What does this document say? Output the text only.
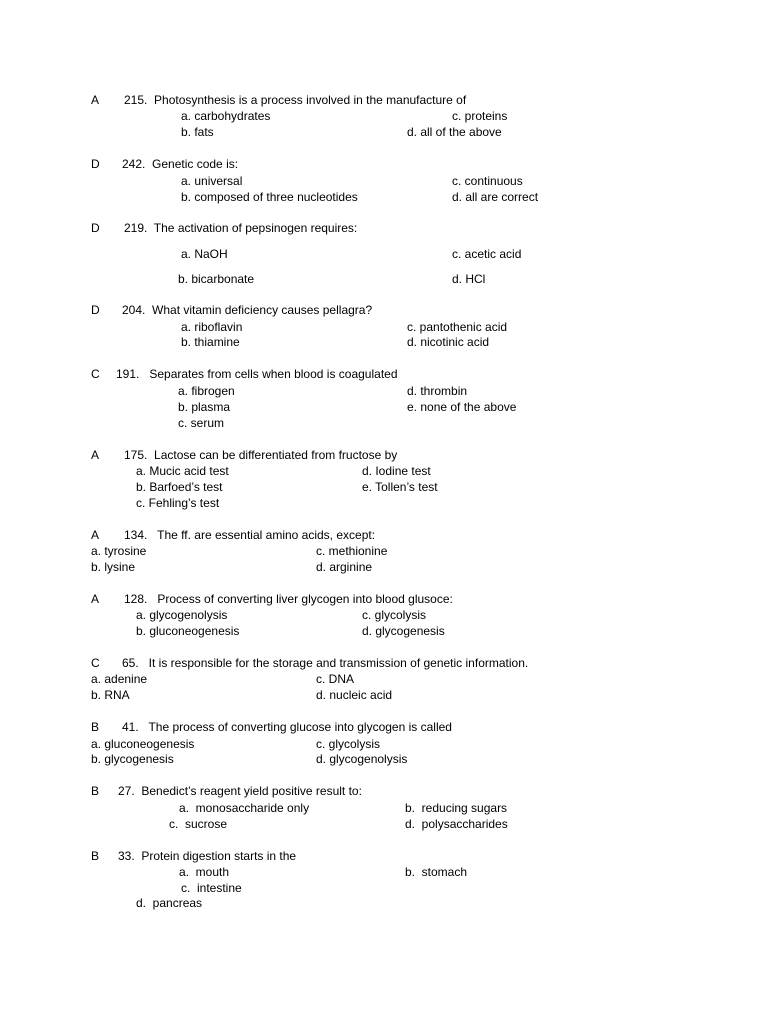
A 215.  Photosynthesis is a process involved in the manufacture of
a. carbohydrates	c. proteins
b. fats	d. all of the above
D 242.  Genetic code is:
a. universal	c. continuous
b. composed of three nucleotides	d. all are correct
D 219.  The activation of pepsinogen requires:
a. NaOH	c. acetic acid
b. bicarbonate	d. HCl
D 204.  What vitamin deficiency causes pellagra?
a. riboflavin	c. pantothenic acid
b. thiamine	d. nicotinic acid
C 191.   Separates from cells when blood is coagulated
a. fibrogen	d. thrombin
b. plasma	e. none of the above
c. serum
A 175.  Lactose can be differentiated from fructose by
a. Mucic acid test	d. Iodine test
b. Barfoed’s test	e. Tollen’s test
c. Fehling’s test
A 134.   The ff. are essential amino acids, except:
a. tyrosine	c. methionine
b. lysine	d. arginine
A 128.   Process of converting liver glycogen into blood glusoce:
a. glycogenolysis	c. glycolysis
b. gluconeogenesis	d. glycogenesis
C 65.   It is responsible for the storage and transmission of genetic information.
a. adenine	c. DNA
b. RNA	d. nucleic acid
B 41.   The process of converting glucose into glycogen is called
a. gluconeogenesis	c. glycolysis
b. glycogenesis	d. glycogenolysis
B 27.  Benedict’s reagent yield positive result to:
a.  monosaccharide only	b.  reducing sugars
c.  sucrose	d.  polysaccharides
B 33.  Protein digestion starts in the
a.  mouth	b.  stomach
c.  intestine
d.  pancreas
